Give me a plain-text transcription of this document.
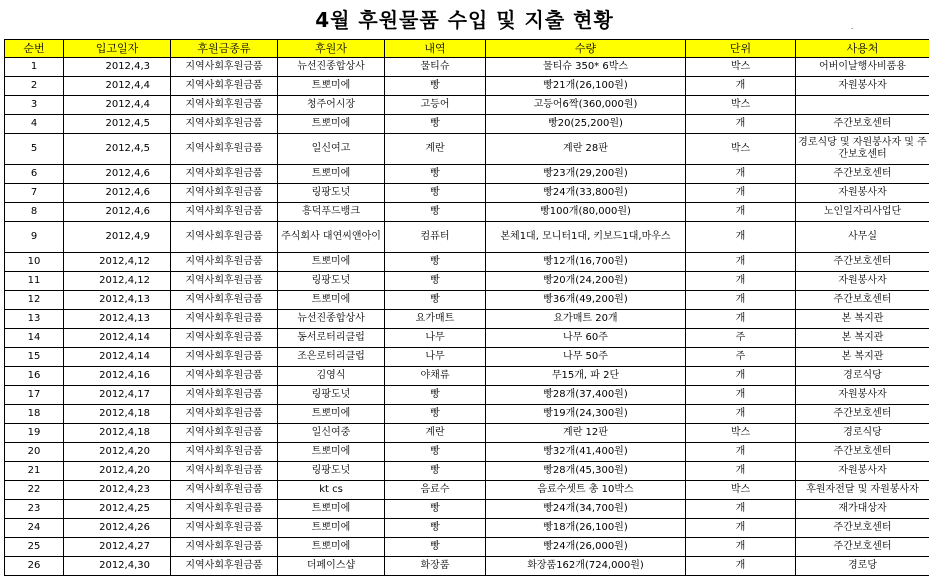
4월 후원물품 수입 및 지출 현황	·
순번	입고일자	후원금종류	후원자	내역	수량	단위	사용처
1	2012,4,3	지역사회후원금품	뉴선진종합상사	물티슈	물티슈 350* 6박스	박스	어버이날행사비품용
2	2012,4,4	지역사회후원금품	트뽀미에	빵	빵21개(26,100원)	개	자원봉사자
3	2012,4,4	지역사회후원금품	청주어시장	고등어	고등어6짝(360,000원)	박스	
4	2012,4,5	지역사회후원금품	트뽀미에	빵	빵20(25,200원)	개	주간보호센터
5	2012,4,5	지역사회후원금품	일신여고	계란	계란 28판	박스	경로식당 및 자원봉사자 및 주간보호센터
6	2012,4,6	지역사회후원금품	트뽀미에	빵	빵23개(29,200원)	개	주간보호센터
7	2012,4,6	지역사회후원금품	링팡도넛	빵	빵24개(33,800원)	개	자원봉사자
8	2012,4,6	지역사회후원금품	흥덕푸드뱅크	빵	빵100개(80,000원)	개	노인일자리사업단
9	2012,4,9	지역사회후원금품	주식회사 대연씨앤아이	컴퓨터	본체1대, 모니터1대, 키보드1대,마우스	개	사무실
10	2012,4,12	지역사회후원금품	트뽀미에	빵	빵12개(16,700원)	개	주간보호센터
11	2012,4,12	지역사회후원금품	링팡도넛	빵	빵20개(24,200원)	개	자원봉사자
12	2012,4,13	지역사회후원금품	트뽀미에	빵	빵36개(49,200원)	개	주간보호센터
13	2012,4,13	지역사회후원금품	뉴선진종합상사	요가매트	요가매트 20개	개	본 복지관
14	2012,4,14	지역사회후원금품	동서로터리클럽	나무	나무 60주	주	본 복지관
15	2012,4,14	지역사회후원금품	조은로터리클럽	나무	나무 50주	주	본 복지관
16	2012,4,16	지역사회후원금품	김영식	야채류	무15개, 파 2단	개	경로식당
17	2012,4,17	지역사회후원금품	링팡도넛	빵	빵28개(37,400원)	개	자원봉사자
18	2012,4,18	지역사회후원금품	트뽀미에	빵	빵19개(24,300원)	개	주간보호센터
19	2012,4,18	지역사회후원금품	일신여중	계란	계란 12판	박스	경로식당
20	2012,4,20	지역사회후원금품	트뽀미에	빵	빵32개(41,400원)	개	주간보호센터
21	2012,4,20	지역사회후원금품	링팡도넛	빵	빵28개(45,300원)	개	자원봉사자
22	2012,4,23	지역사회후원금품	kt cs	음료수	음료수셋트 총 10박스	박스	후원자전달 및 자원봉사자
23	2012,4,25	지역사회후원금품	트뽀미에	빵	빵24개(34,700원)	개	재가대상자
24	2012,4,26	지역사회후원금품	트뽀미에	빵	빵18개(26,100원)	개	주간보호센터
25	2012,4,27	지역사회후원금품	트뽀미에	빵	빵24개(26,000원)	개	주간보호센터
26	2012,4,30	지역사회후원금품	더페이스샵	화장품	화장품162개(724,000원)	개	경로당
